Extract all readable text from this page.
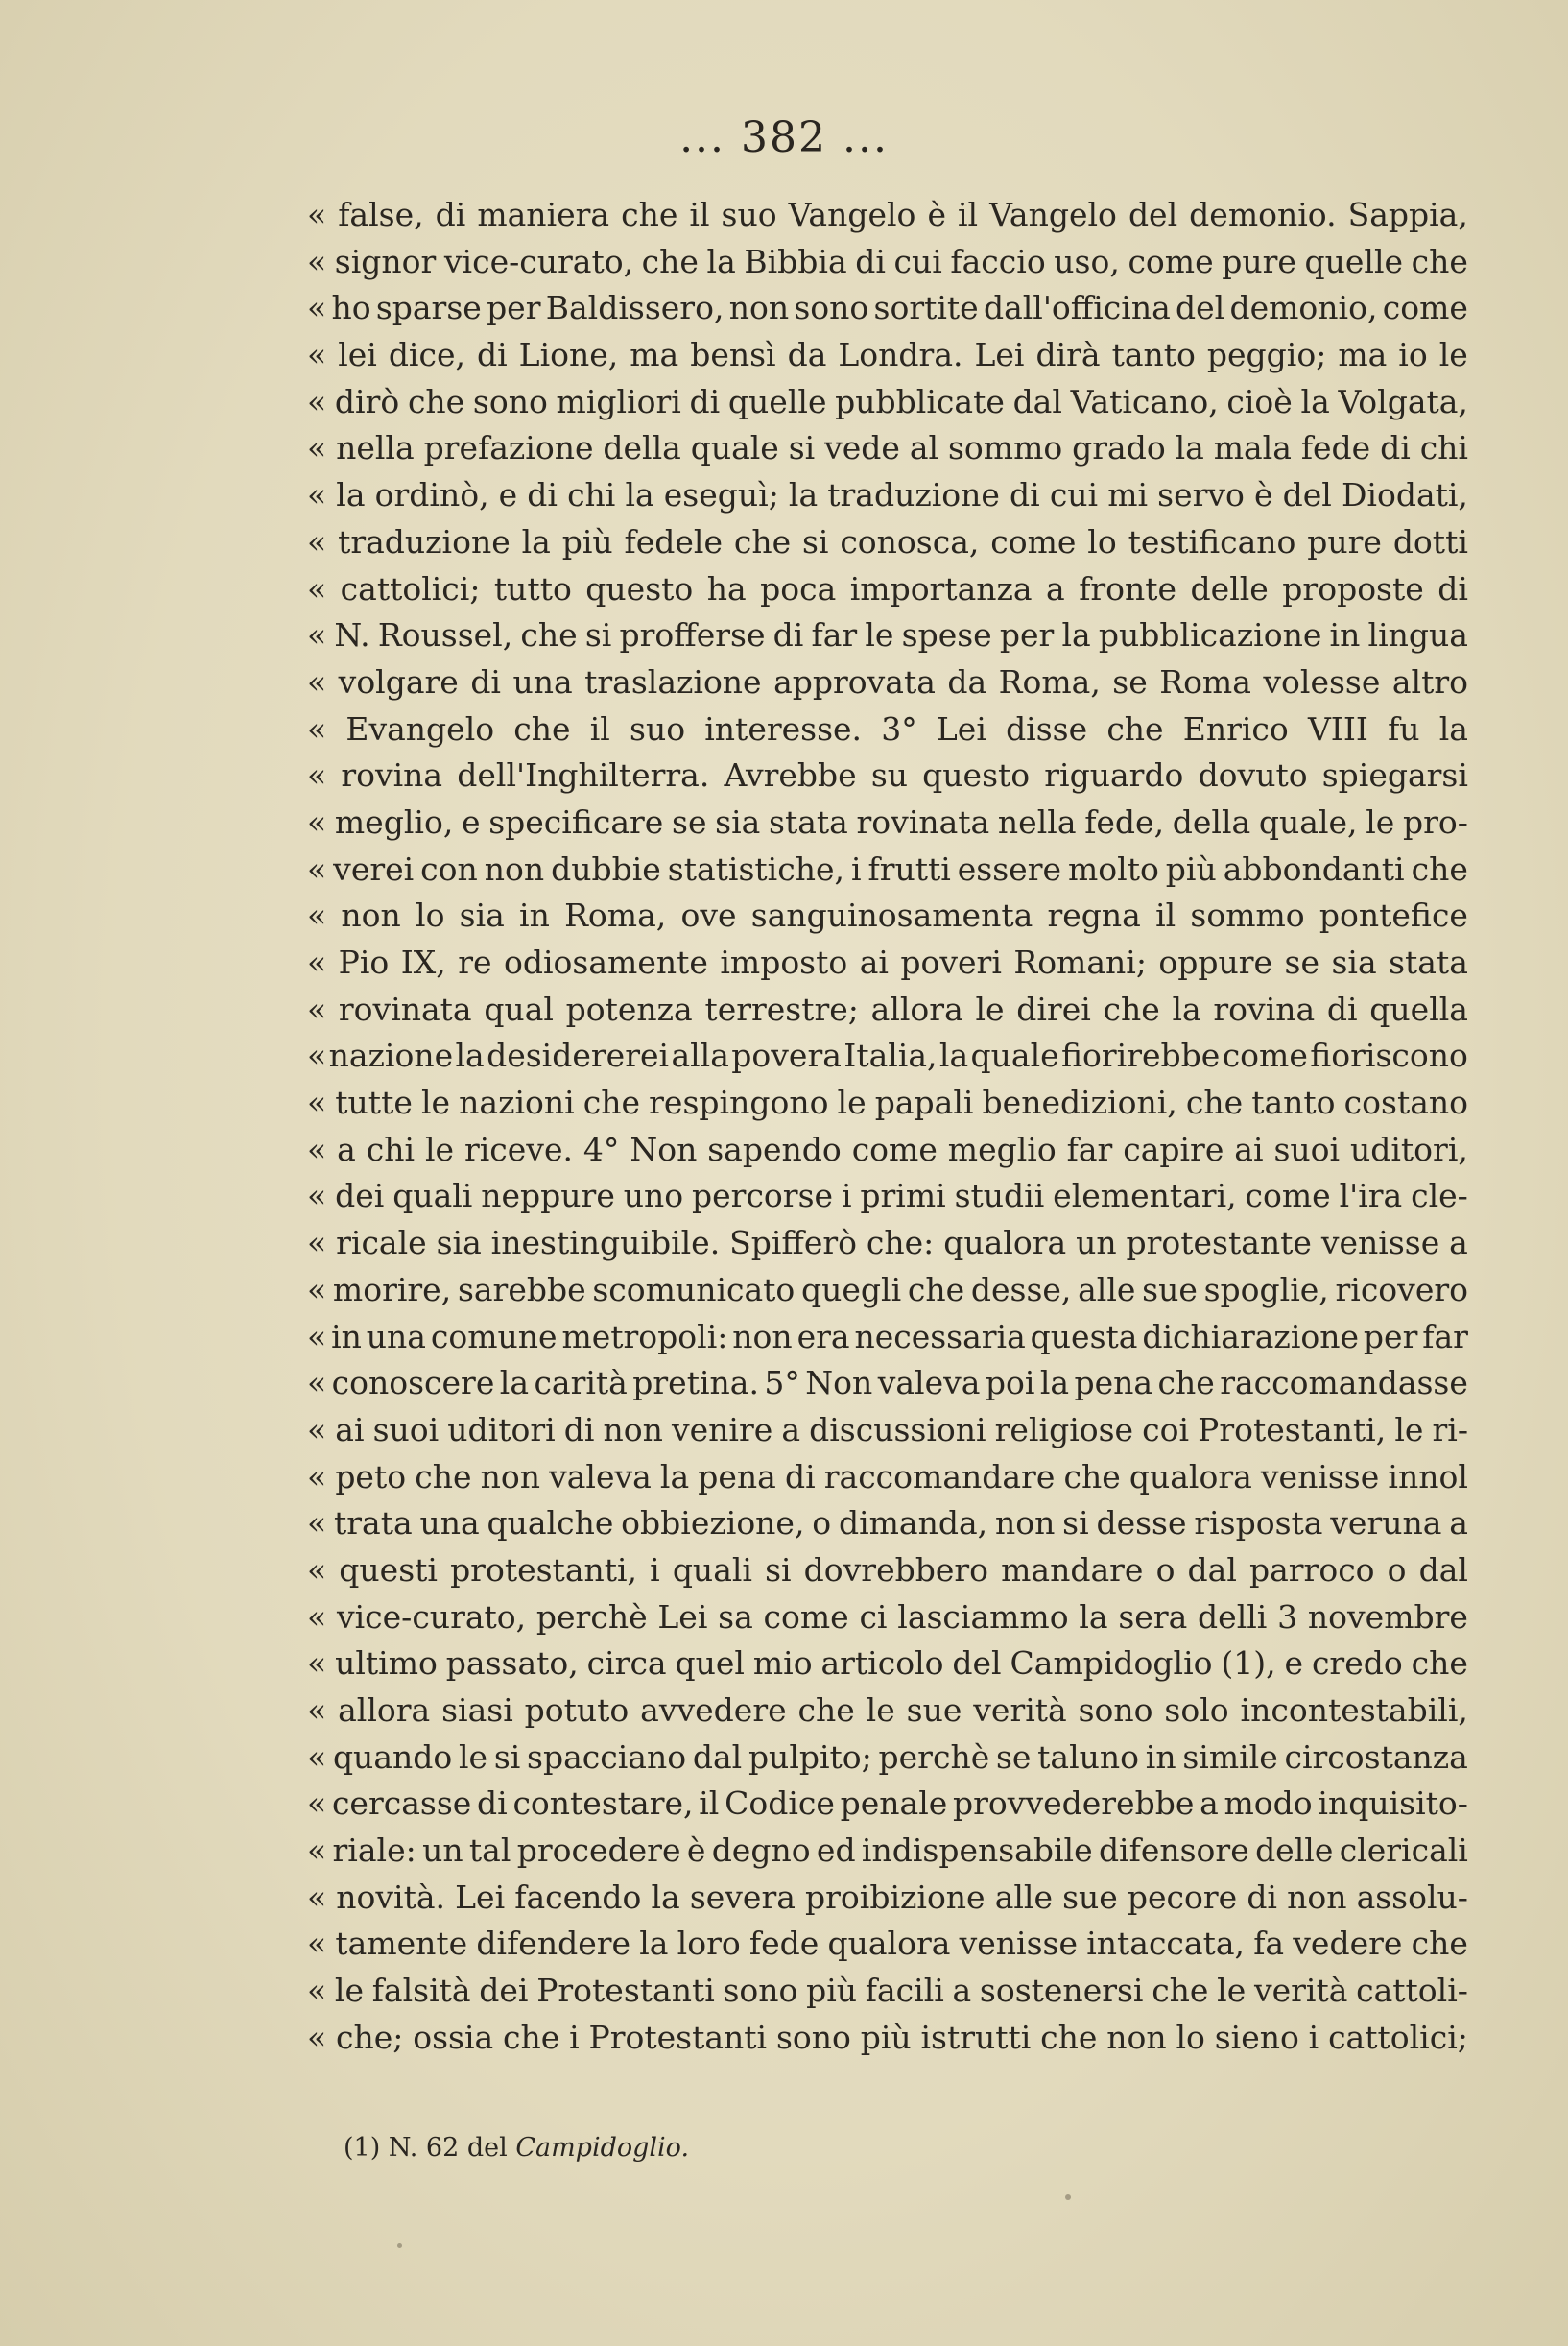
... 382 ...
« false, di maniera che il suo Vangelo è il Vangelo del demonio. Sappia,
« signor vice-curato, che la Bibbia di cui faccio uso, come pure quelle che
« ho sparse per Baldissero, non sono sortite dall'officina del demonio, come
« lei dice, di Lione, ma bensì da Londra. Lei dirà tanto peggio; ma io le
« dirò che sono migliori di quelle pubblicate dal Vaticano, cioè la Volgata,
« nella prefazione della quale si vede al sommo grado la mala fede di chi
« la ordinò, e di chi la eseguì; la traduzione di cui mi servo è del Diodati,
« traduzione la più fedele che si conosca, come lo testificano pure dotti
« cattolici; tutto questo ha poca importanza a fronte delle proposte di
« N. Roussel, che si profferse di far le spese per la pubblicazione in lingua
« volgare di una traslazione approvata da Roma, se Roma volesse altro
« Evangelo che il suo interesse. 3° Lei disse che Enrico VIII fu la
« rovina dell'Inghilterra. Avrebbe su questo riguardo dovuto spiegarsi
« meglio, e specificare se sia stata rovinata nella fede, della quale, le pro-
« verei con non dubbie statistiche, i frutti essere molto più abbondanti che
« non lo sia in Roma, ove sanguinosamenta regna il sommo pontefice
« Pio IX, re odiosamente imposto ai poveri Romani; oppure se sia stata
« rovinata qual potenza terrestre; allora le direi che la rovina di quella
« nazione la desidererei alla povera Italia, la quale fiorirebbe come fioriscono
« tutte le nazioni che respingono le papali benedizioni, che tanto costano
« a chi le riceve. 4° Non sapendo come meglio far capire ai suoi uditori,
« dei quali neppure uno percorse i primi studii elementari, come l'ira cle-
« ricale sia inestinguibile. Spifferò che: qualora un protestante venisse a
« morire, sarebbe scomunicato quegli che desse, alle sue spoglie, ricovero
« in una comune metropoli: non era necessaria questa dichiarazione per far
« conoscere la carità pretina. 5° Non valeva poi la pena che raccomandasse
« ai suoi uditori di non venire a discussioni religiose coi Protestanti, le ri-
« peto che non valeva la pena di raccomandare che qualora venisse innol
« trata una qualche obbiezione, o dimanda, non si desse risposta veruna a
« questi protestanti, i quali si dovrebbero mandare o dal parroco o dal
« vice-curato, perchè Lei sa come ci lasciammo la sera delli 3 novembre
« ultimo passato, circa quel mio articolo del Campidoglio (1), e credo che
« allora siasi potuto avvedere che le sue verità sono solo incontestabili,
« quando le si spacciano dal pulpito; perchè se taluno in simile circostanza
« cercasse di contestare, il Codice penale provvederebbe a modo inquisito-
« riale: un tal procedere è degno ed indispensabile difensore delle clericali
« novità. Lei facendo la severa proibizione alle sue pecore di non assolu-
« tamente difendere la loro fede qualora venisse intaccata, fa vedere che
« le falsità dei Protestanti sono più facili a sostenersi che le verità cattoli-
« che; ossia che i Protestanti sono più istrutti che non lo sieno i cattolici;
(1) N. 62 del Campidoglio.
